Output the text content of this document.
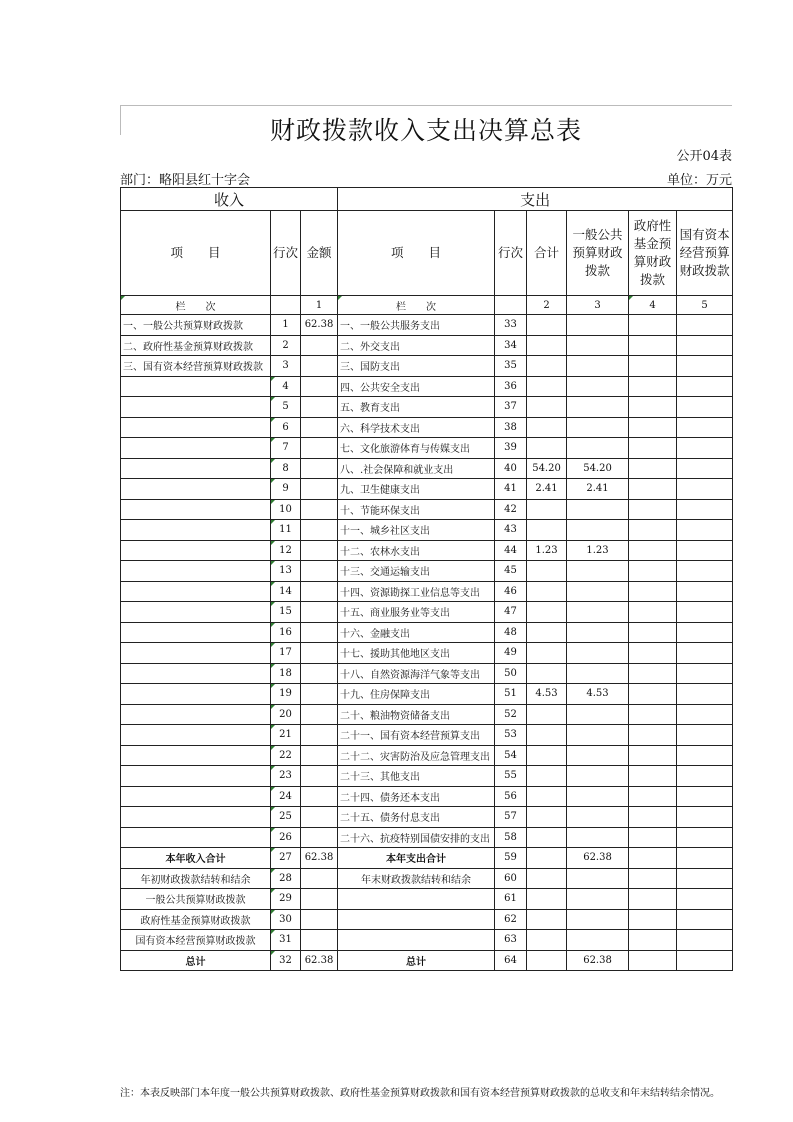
财政拨款收入支出决算总表
公开04表
部门：略阳县红十字会	单位：万元
收入			支出					
项　　目	行次	金额	项　　目	行次	合计	一般公共预算财政拨款	政府性基金预算财政拨款	国有资本经营预算财政拨款
栏　　次		1	栏　　次		2	3	4	5
一、一般公共预算财政拨款	1	62.38	一、一般公共服务支出	33				
二、政府性基金预算财政拨款	2		二、外交支出	34				
三、国有资本经营预算财政拨款	3		三、国防支出	35				
	4		四、公共安全支出	36				
	5		五、教育支出	37				
	6		六、科学技术支出	38				
	7		七、文化旅游体育与传媒支出	39				
	8		八、.社会保障和就业支出	40	54.20	54.20		
	9		九、卫生健康支出	41	2.41	2.41		
	10		十、节能环保支出	42				
	11		十一、城乡社区支出	43				
	12		十二、农林水支出	44	1.23	1.23		
	13		十三、交通运输支出	45				
	14		十四、资源勘探工业信息等支出	46				
	15		十五、商业服务业等支出	47				
	16		十六、金融支出	48				
	17		十七、援助其他地区支出	49				
	18		十八、自然资源海洋气象等支出	50				
	19		十九、住房保障支出	51	4.53	4.53		
	20		二十、粮油物资储备支出	52				
	21		二十一、国有资本经营预算支出	53				
	22		二十二、灾害防治及应急管理支出	54				
	23		二十三、其他支出	55				
	24		二十四、债务还本支出	56				
	25		二十五、债务付息支出	57				
	26		二十六、抗疫特别国债安排的支出	58				
本年收入合计	27	62.38	本年支出合计	59		62.38		
年初财政拨款结转和结余	28		年末财政拨款结转和结余	60				
一般公共预算财政拨款	29			61				
政府性基金预算财政拨款	30			62				
国有资本经营预算财政拨款	31			63				
总计	32	62.38	总计	64		62.38		
注：本表反映部门本年度一般公共预算财政拨款、政府性基金预算财政拨款和国有资本经营预算财政拨款的总收支和年末结转结余情况。
